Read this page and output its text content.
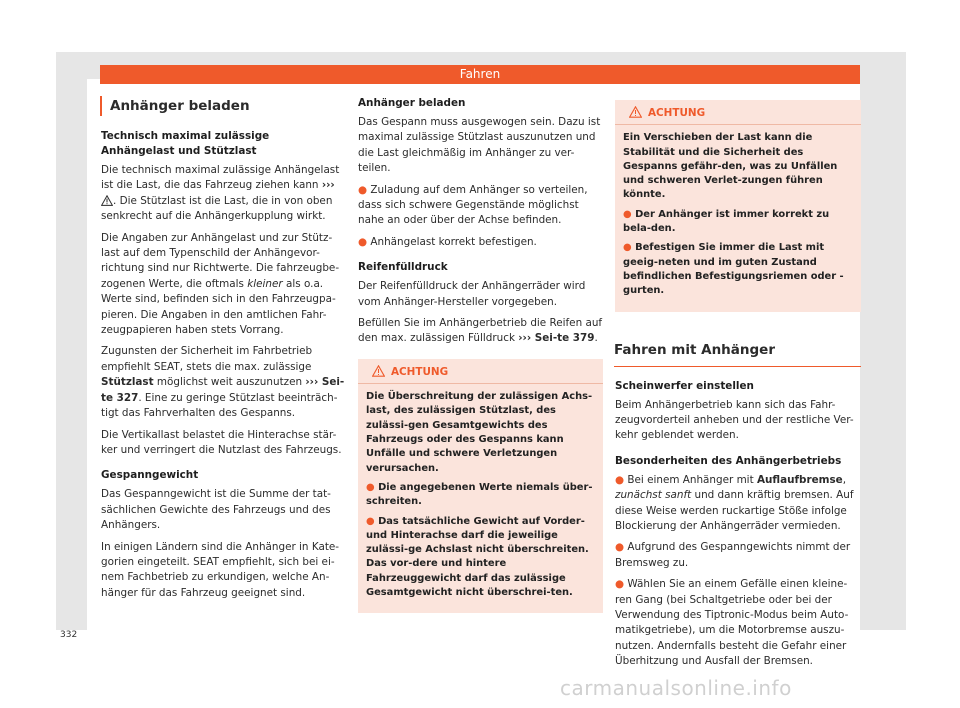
Fahren
Anhänger beladen
Technisch maximal zulässige Anhängelast und Stützlast

Die technisch maximal zulässige Anhängelast ist die Last, die das Fahrzeug ziehen kann ››› . Die Stützlast ist die Last, die in von oben senkrecht auf die Anhängerkupplung wirkt.

Die Angaben zur Anhängelast und zur Stütz-last auf dem Typenschild der Anhängevor-richtung sind nur Richtwerte. Die fahrzeugbe-zogenen Werte, die oftmals kleiner als o.a. Werte sind, befinden sich in den Fahrzeugpa-pieren. Die Angaben in den amtlichen Fahr-zeugpapieren haben stets Vorrang.

Zugunsten der Sicherheit im Fahrbetrieb empfiehlt SEAT, stets die max. zulässige Stützlast möglichst weit auszunutzen ››› Sei-te 327. Eine zu geringe Stützlast beeinträch-tigt das Fahrverhalten des Gespanns.

Die Vertikallast belastet die Hinterachse stär-ker und verringert die Nutzlast des Fahrzeugs.

Gespanngewicht

Das Gespanngewicht ist die Summe der tat-sächlichen Gewichte des Fahrzeugs und des Anhängers.

In einigen Ländern sind die Anhänger in Kate-gorien eingeteilt. SEAT empfiehlt, sich bei ei-nem Fachbetrieb zu erkundigen, welche An-hänger für das Fahrzeug geeignet sind.

Anhänger beladen

Das Gespann muss ausgewogen sein. Dazu ist maximal zulässige Stützlast auszunutzen und die Last gleichmäßig im Anhänger zu ver-teilen.

● Zuladung auf dem Anhänger so verteilen, dass sich schwere Gegenstände möglichst nahe an oder über der Achse befinden.

● Anhängelast korrekt befestigen.

Reifenfülldruck

Der Reifenfülldruck der Anhängerräder wird vom Anhänger-Hersteller vorgegeben.

Befüllen Sie im Anhängerbetrieb die Reifen auf den max. zulässigen Fülldruck ››› Sei-te 379.

ACHTUNG

Die Überschreitung der zulässigen Achs-last, des zulässigen Stützlast, des zulässi-gen Gesamtgewichts des Fahrzeugs oder des Gespanns kann Unfälle und schwere Verletzungen verursachen.

● Die angegebenen Werte niemals über-schreiten.

● Das tatsächliche Gewicht auf Vorder-und Hinterachse darf die jeweilige zulässi-ge Achslast nicht überschreiten. Das vor-dere und hintere Fahrzeuggewicht darf das zulässige Gesamtgewicht nicht überschrei-ten.

ACHTUNG

Ein Verschieben der Last kann die Stabilität und die Sicherheit des Gespanns gefähr-den, was zu Unfällen und schweren Verlet-zungen führen könnte.

● Der Anhänger ist immer korrekt zu bela-den.

● Befestigen Sie immer die Last mit geeig-neten und im guten Zustand befindlichen Befestigungsriemen oder -gurten.

Fahren mit Anhänger
Scheinwerfer einstellen

Beim Anhängerbetrieb kann sich das Fahr-zeugvorderteil anheben und der restliche Ver-kehr geblendet werden.

Besonderheiten des Anhängerbetriebs

● Bei einem Anhänger mit Auflaufbremse, zunächst sanft und dann kräftig bremsen. Auf diese Weise werden ruckartige Stöße infolge Blockierung der Anhängerräder vermieden.

● Aufgrund des Gespanngewichts nimmt der Bremsweg zu.

● Wählen Sie an einem Gefälle einen kleine-ren Gang (bei Schaltgetriebe oder bei der Verwendung des Tiptronic-Modus beim Auto-matikgetriebe), um die Motorbremse auszu-nutzen. Andernfalls besteht die Gefahr einer Überhitzung und Ausfall der Bremsen.

332
carmanualsonline.info
